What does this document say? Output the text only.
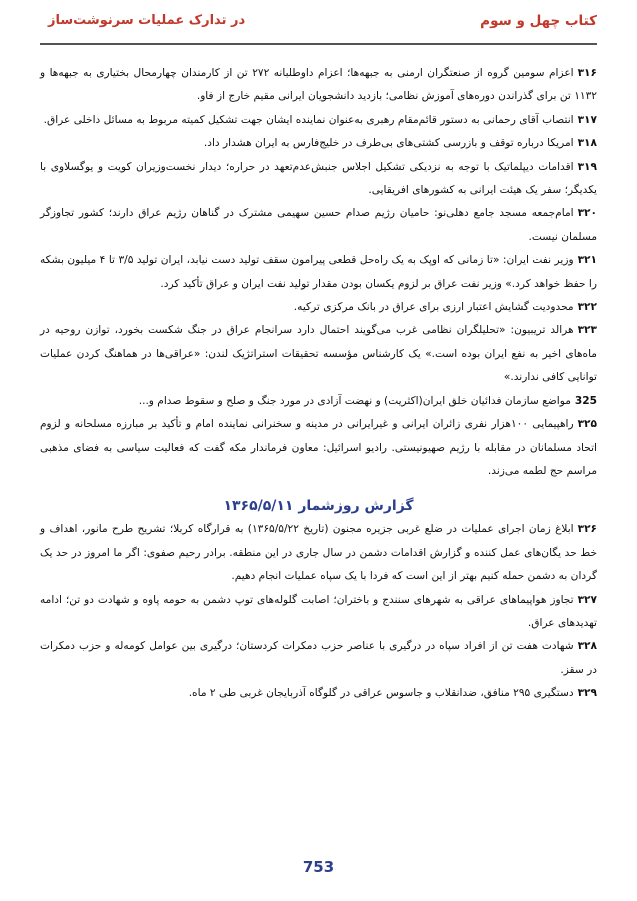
کتاب چهل و سوم
در تدارک عملیات سرنوشت‌ساز
۳۱۶اعزام سومین گروه از صنعتگران ارمنی به جبهه‌ها؛ اعزام داوطلبانه ۲۷۲ تن از کارمندان چهارمحال بختیاری به جبهه‌ها و ۱۱۳۲ تن برای گذراندن دوره‌های آموزش نظامی؛ بازدید دانشجویان ایرانی مقیم خارج از فاو.
۳۱۷انتصاب آقای رحمانی به دستور قائم‌مقام رهبری به‌عنوان نماینده ایشان جهت تشکیل کمیته مربوط به مسائل داخلی عراق.
۳۱۸امریکا درباره توقف و بازرسی کشتی‌های بی‌طرف در خلیج‌فارس به ایران هشدار داد.
۳۱۹اقدامات دیپلماتیک با توجه به نزدیکی تشکیل اجلاس جنبش‌عدم‌تعهد در حراره؛ دیدار نخست‌وزیران کویت و یوگسلاوی با یکدیگر؛ سفر یک هیئت ایرانی به کشورهای افریقایی.
۳۲۰امام‌جمعه مسجد جامع دهلی‌نو: حامیان رژیم صدام حسین سهیمی مشترک در گناهان رژیم عراق دارند؛ کشور تجاوزگر مسلمان نیست.
۳۲۱وزیر نفت ایران: «تا زمانی که اوپک به یک راه‌حل قطعی پیرامون سقف تولید دست نیابد، ایران تولید ۳/۵ تا ۴ میلیون بشکه را حفظ خواهد کرد.» وزیر نفت عراق بر لزوم یکسان بودن مقدار تولید نفت ایران و عراق تأکید کرد.
۳۲۲محدودیت گشایش اعتبار ارزی برای عراق در بانک مرکزی ترکیه.
۳۲۳هرالد تریبیون: «تحلیلگران نظامی غرب می‌گویند احتمال دارد سرانجام عراق در جنگ شکست بخورد، توازن روحیه در ماه‌های اخیر به نفع ایران بوده است.» یک کارشناس مؤسسه تحقیقات استراتژیک لندن: «عراقی‌ها در هماهنگ کردن عملیات توانایی کافی ندارند.»
325مواضع سازمان فدائیان خلق ایران(اکثریت) و نهضت آزادی در مورد جنگ و صلح و سقوط صدام و...
۳۲۵راهپیمایی ۱۰۰هزار نفری زائران ایرانی و غیرایرانی در مدینه و سخنرانی نماینده امام و تأکید بر مبارزه مسلحانه و لزوم اتحاد مسلمانان در مقابله با رژیم صهیونیستی. رادیو اسرائیل: معاون فرماندار مکه گفت که فعالیت سیاسی به فضای مذهبی مراسم حج لطمه می‌زند.
گزارش روزشمار ۱۳۶۵/۵/۱۱
۳۲۶ابلاغ زمان اجرای عملیات در ضلع غربی جزیره مجنون (تاریخ ۱۳۶۵/۵/۲۲) به قرارگاه کربلا؛ تشریح طرح مانور، اهداف و خط حد یگان‌های عمل کننده و گزارش اقدامات دشمن در سال جاری در این منطقه. برادر رحیم صفوی: اگر ما امروز در حد یک گردان به دشمن حمله کنیم بهتر از این است که فردا با یک سپاه عملیات انجام دهیم.
۳۲۷تجاوز هواپیماهای عراقی به شهرهای سنندج و باختران؛ اصابت گلوله‌های توپ دشمن به حومه پاوه و شهادت دو تن؛ ادامه تهدیدهای عراق.
۳۲۸شهادت هفت تن از افراد سپاه در درگیری با عناصر حزب دمکرات کردستان؛ درگیری بین عوامل کومه‌له و حزب دمکرات در سقز.
۳۲۹دستگیری ۲۹۵ منافق، ضدانقلاب و جاسوس عراقی در گلوگاه آذربایجان غربی طی ۲ ماه.
753
